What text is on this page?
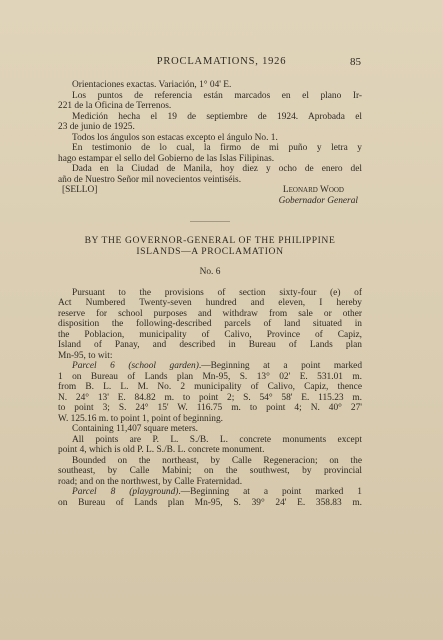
PROCLAMATIONS, 1926	85
Orientaciones exactas. Variación, 1° 04' E.
Los puntos de referencia están marcados en el plano Ir-
221 de la Oficina de Terrenos.
Medición hecha el 19 de septiembre de 1924. Aprobada el
23 de junio de 1925.
Todos los ángulos son estacas excepto el ángulo No. 1.
En testimonio de lo cual, la firmo de mi puño y letra y
hago estampar el sello del Gobierno de las Islas Filipinas.
Dada en la Ciudad de Manila, hoy diez y ocho de enero del
año de Nuestro Señor mil novecientos veintiséis.
[SELLO]	Leonard Wood
Gobernador General
BY THE GOVERNOR-GENERAL OF THE PHILIPPINE
ISLANDS—A PROCLAMATION
No. 6
Pursuant to the provisions of section sixty-four (e) of
Act Numbered Twenty-seven hundred and eleven, I hereby
reserve for school purposes and withdraw from sale or other
disposition the following-described parcels of land situated in
the Poblacion, municipality of Calivo, Province of Capiz,
Island of Panay, and described in Bureau of Lands plan
Mn-95, to wit:
Parcel 6 (school garden).—Beginning at a point marked
1 on Bureau of Lands plan Mn-95, S. 13° 02' E. 531.01 m.
from B. L. L. M. No. 2 municipality of Calivo, Capiz, thence
N. 24° 13' E. 84.82 m. to point 2; S. 54° 58' E. 115.23 m.
to point 3; S. 24° 15' W. 116.75 m. to point 4; N. 40° 27'
W. 125.16 m. to point 1, point of beginning.
Containing 11,407 square meters.
All points are P. L. S./B. L. concrete monuments except
point 4, which is old P. L. S./B. L. concrete monument.
Bounded on the northeast, by Calle Regeneracion; on the
southeast, by Calle Mabini; on the southwest, by provincial
road; and on the northwest, by Calle Fraternidad.
Parcel 8 (playground).—Beginning at a point marked 1
on Bureau of Lands plan Mn-95, S. 39° 24' E. 358.83 m.
